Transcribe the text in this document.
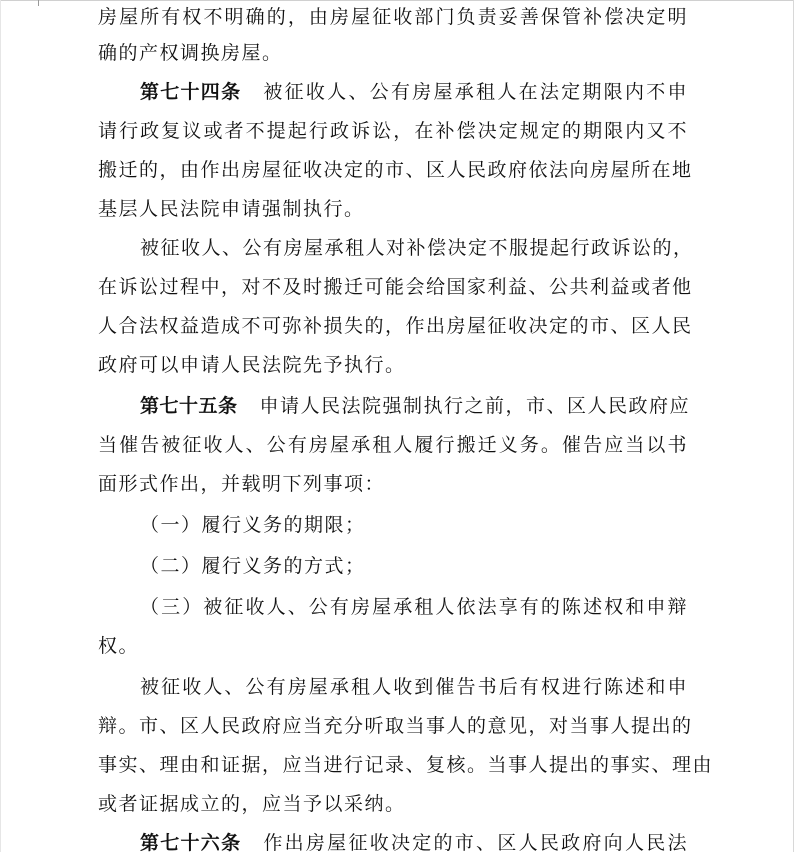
房屋所有权不明确的，由房屋征收部门负责妥善保管补偿决定明
确的产权调换房屋。
第七十四条 被征收人、公有房屋承租人在法定期限内不申
请行政复议或者不提起行政诉讼，在补偿决定规定的期限内又不
搬迁的，由作出房屋征收决定的市、区人民政府依法向房屋所在地
基层人民法院申请强制执行。
被征收人、公有房屋承租人对补偿决定不服提起行政诉讼的，
在诉讼过程中，对不及时搬迁可能会给国家利益、公共利益或者他
人合法权益造成不可弥补损失的，作出房屋征收决定的市、区人民
政府可以申请人民法院先予执行。
第七十五条 申请人民法院强制执行之前，市、区人民政府应
当催告被征收人、公有房屋承租人履行搬迁义务。催告应当以书
面形式作出，并载明下列事项：
（一）履行义务的期限；
（二）履行义务的方式；
（三）被征收人、公有房屋承租人依法享有的陈述权和申辩
权。
被征收人、公有房屋承租人收到催告书后有权进行陈述和申
辩。市、区人民政府应当充分听取当事人的意见，对当事人提出的
事实、理由和证据，应当进行记录、复核。当事人提出的事实、理由
或者证据成立的，应当予以采纳。
第七十六条 作出房屋征收决定的市、区人民政府向人民法
